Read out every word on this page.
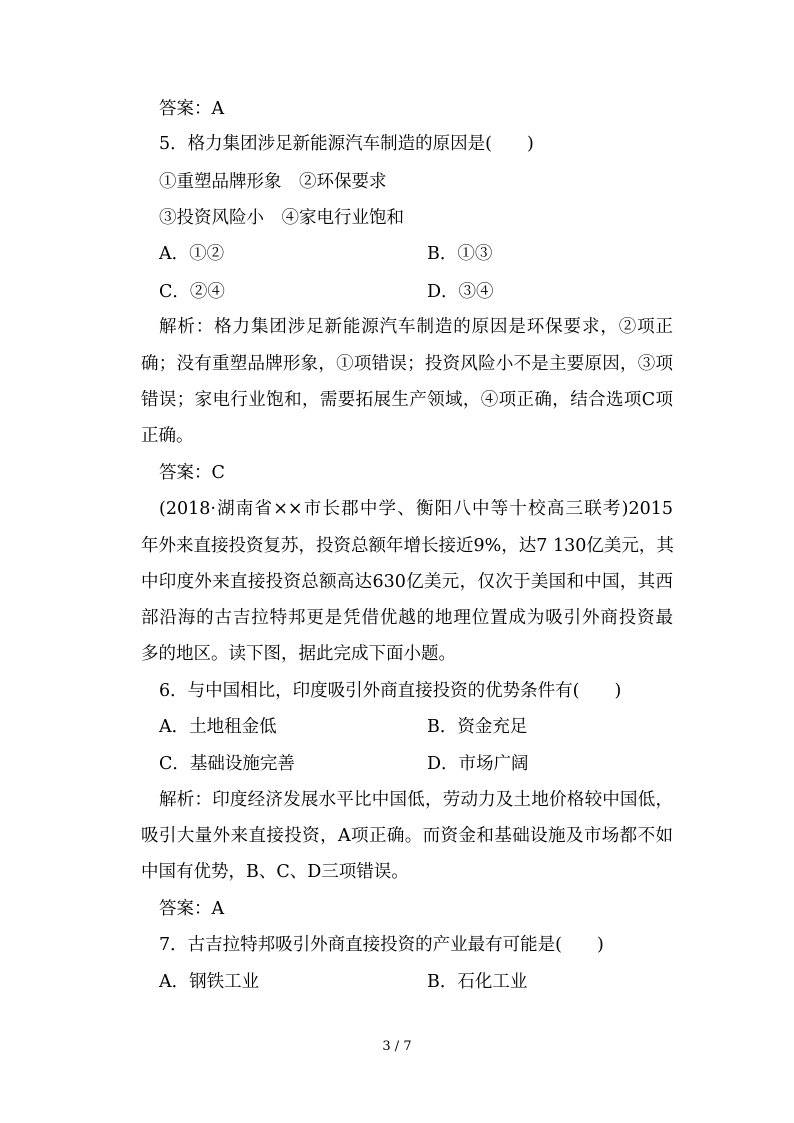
答案：A
5．格力集团涉足新能源汽车制造的原因是(　　)
①重塑品牌形象　②环保要求
③投资风险小　④家电行业饱和
A．①②	B．①③
C．②④	D．③④
解析：格力集团涉足新能源汽车制造的原因是环保要求，②项正
确；没有重塑品牌形象，①项错误；投资风险小不是主要原因，③项
错误；家电行业饱和，需要拓展生产领域，④项正确，结合选项C项
正确。
答案：C
(2018·湖南省××市长郡中学、衡阳八中等十校高三联考)2015
年外来直接投资复苏，投资总额年增长接近9%，达7 130亿美元，其
中印度外来直接投资总额高达630亿美元，仅次于美国和中国，其西
部沿海的古吉拉特邦更是凭借优越的地理位置成为吸引外商投资最
多的地区。读下图，据此完成下面小题。
6．与中国相比，印度吸引外商直接投资的优势条件有(　　)
A．土地租金低	B．资金充足
C．基础设施完善	D．市场广阔
解析：印度经济发展水平比中国低，劳动力及土地价格较中国低，
吸引大量外来直接投资，A项正确。而资金和基础设施及市场都不如
中国有优势，B、C、D三项错误。
答案：A
7．古吉拉特邦吸引外商直接投资的产业最有可能是(　　)
A．钢铁工业	B．石化工业
3 / 7
